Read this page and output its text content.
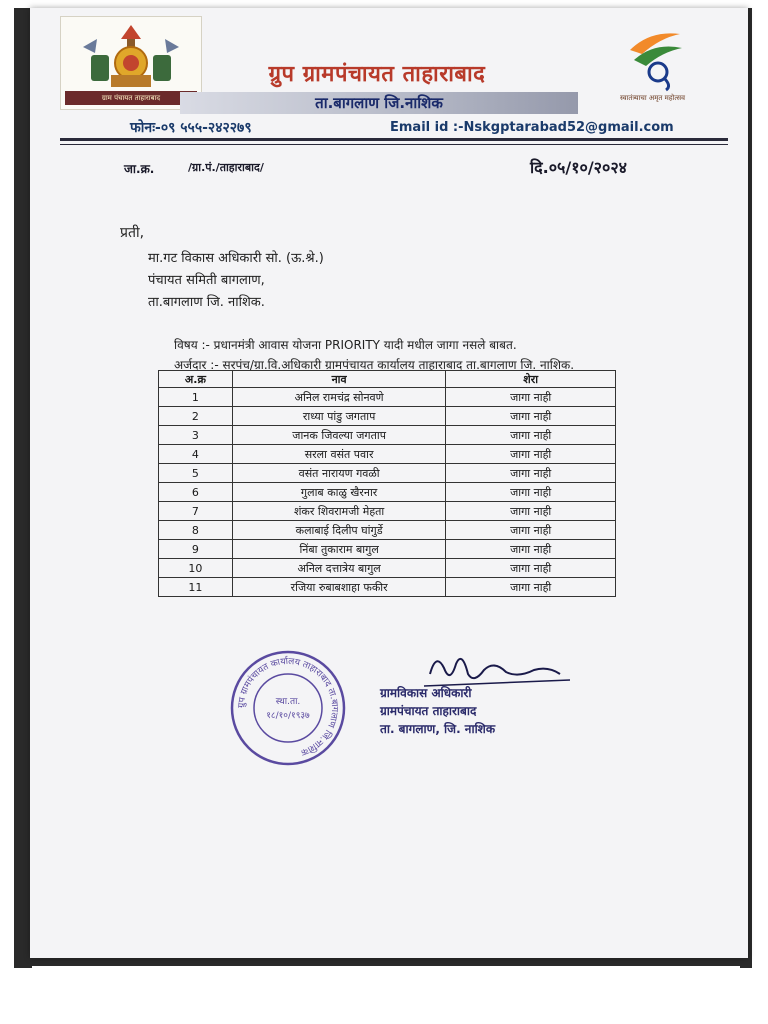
ग्राम पंचायत ताहाराबाद
ग्रुप ग्रामपंचायत ताहाराबाद
ता.बागलाण जि.नाशिक	स्वातंत्र्याचा अमृत महोत्सव
फोनः-०९ ५५५-२४२२७९	Email id :-Nskgptarabad52@gmail.com
जा.क्र.	/ग्रा.पं./ताहाराबाद/	दि.०५/१०/२०२४
प्रती,
मा.गट विकास अधिकारी सो. (ऊ.श्रे.)
पंचायत समिती बागलाण,
ता.बागलाण जि. नाशिक.
विषय :- प्रधानमंत्री आवास योजना PRIORITY यादी मधील जागा नसले बाबत.
अर्जदार :- सरपंच/ग्रा.वि.अधिकारी ग्रामपंचायत कार्यालय ताहाराबाद ता.बागलाण जि. नाशिक.
अ.क्र	नाव	शेरा
1	अनिल रामचंद्र सोनवणे	जागा नाही
2	राध्या पांडु जगताप	जागा नाही
3	जानक जिवल्या जगताप	जागा नाही
4	सरला वसंत पवार	जागा नाही
5	वसंत नारायण गवळी	जागा नाही
6	गुलाब काळु खैरनार	जागा नाही
7	शंकर शिवरामजी मेहता	जागा नाही
8	कलाबाई दिलीप घांगुर्डे	जागा नाही
9	निंबा तुकाराम बागुल	जागा नाही
10	अनिल दत्तात्रेय बागुल	जागा नाही
11	रजिया रुबाबशाहा फकीर	जागा नाही
ग्रुप ग्रामपंचायत कार्यालय ताहाराबाद ता.बागलाण जि.नाशिक
स्था.ता.
१८/१०/१९३७
ग्रामविकास अधिकारी
ग्रामपंचायत ताहाराबाद
ता. बागलाण, जि. नाशिक
